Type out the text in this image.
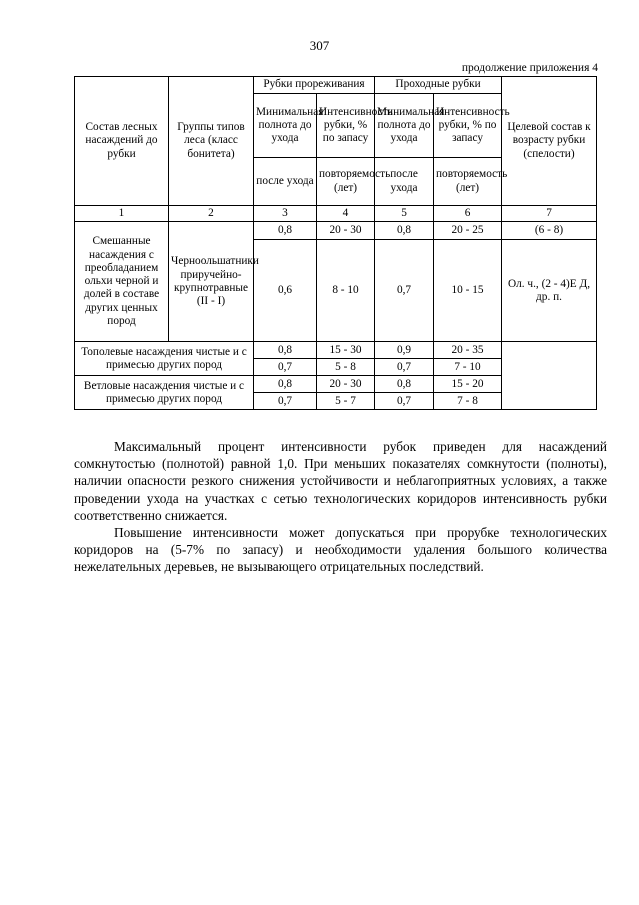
307
продолжение приложения 4
Состав лесных насаждений до рубки	Группы типов леса (класс бонитета)	Рубки прореживания		Проходные рубки		Целевой состав к возрасту рубки (спелости)
		Минимальная полнота до ухода	Интенсивность рубки, % по запасу	Минимальная полнота до ухода	Интенсивность рубки, % по запасу	
		после ухода	повторяемость (лет)	после ухода	повторяемость (лет)	
1	2	3	4	5	6	7
Смешанные насаждения с преобладанием ольхи черной и долей в составе других ценных пород	Черноольшатники приручейно-крупнотравные (II - I)	0,8	20 - 30	0,8	20 - 25	(6 - 8)
		0,6	8 - 10	0,7	10 - 15	Ол. ч., (2 - 4)Е Д, др. п.
Тополевые насаждения чистые и с примесью других пород		0,8	15 - 30	0,9	20 - 35	
		0,7	5 - 8	0,7	7 - 10	
Ветловые насаждения чистые и с примесью других пород		0,8	20 - 30	0,8	15 - 20	
		0,7	5 - 7	0,7	7 - 8	

Максимальный процент интенсивности рубок приведен для насаждений сомкнутостью (полнотой) равной 1,0. При меньших показателях сомкнутости (полноты), наличии опасности резкого снижения устойчивости и неблагоприятных условиях, а также проведении ухода на участках с сетью технологических коридоров интенсивность рубки соответственно снижается.

Повышение интенсивности может допускаться при прорубке технологических коридоров на (5-7% по запасу) и необходимости удаления большого количества нежелательных деревьев, не вызывающего отрицательных последствий.
